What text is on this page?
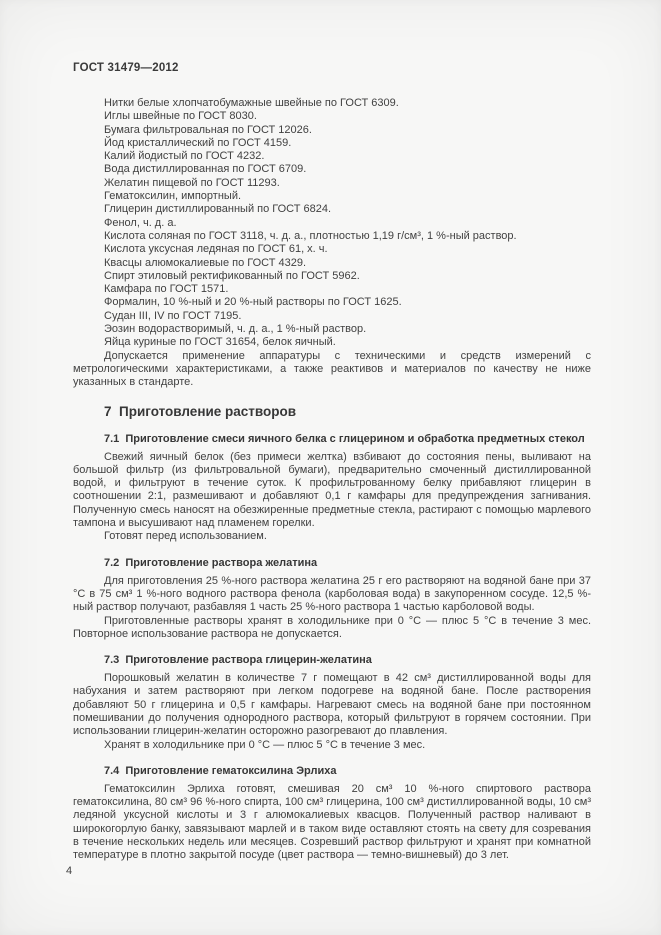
ГОСТ 31479—2012

Нитки белые хлопчатобумажные швейные по ГОСТ 6309.

Иглы швейные по ГОСТ 8030.

Бумага фильтровальная по ГОСТ 12026.

Йод кристаллический по ГОСТ 4159.

Калий йодистый по ГОСТ 4232.

Вода дистиллированная по ГОСТ 6709.

Желатин пищевой по ГОСТ 11293.

Гематоксилин, импортный.

Глицерин дистиллированный по ГОСТ 6824.

Фенол, ч. д. а.

Кислота соляная по ГОСТ 3118, ч. д. а., плотностью 1,19 г/см³, 1 %-ный раствор.

Кислота уксусная ледяная по ГОСТ 61, х. ч.

Квасцы алюмокалиевые по ГОСТ 4329.

Спирт этиловый ректификованный по ГОСТ 5962.

Камфара по ГОСТ 1571.

Формалин, 10 %-ный и 20 %-ный растворы по ГОСТ 1625.

Судан III, IV по ГОСТ 7195.

Эозин водорастворимый, ч. д. а., 1 %-ный раствор.

Яйца куриные по ГОСТ 31654, белок яичный.

Допускается применение аппаратуры с техническими и средств измерений с метрологическими характеристиками, а также реактивов и материалов по качеству не ниже указанных в стандарте.

7  Приготовление растворов
7.1  Приготовление смеси яичного белка с глицерином и обработка предметных стекол

Свежий яичный белок (без примеси желтка) взбивают до состояния пены, выливают на большой фильтр (из фильтровальной бумаги), предварительно смоченный дистиллированной водой, и фильтруют в течение суток. К профильтрованному белку прибавляют глицерин в соотношении 2:1, размешивают и добавляют 0,1 г камфары для предупреждения загнивания. Полученную смесь наносят на обезжиренные предметные стекла, растирают с помощью марлевого тампона и высушивают над пламенем горелки.

Готовят перед использованием.

7.2  Приготовление раствора желатина

Для приготовления 25 %-ного раствора желатина 25 г его растворяют на водяной бане при 37 °С в 75 см³ 1 %-ного водного раствора фенола (карболовая вода) в закупоренном сосуде. 12,5 %-ный раствор получают, разбавляя 1 часть 25 %-ного раствора 1 частью карболовой воды.

Приготовленные растворы хранят в холодильнике при 0 °С — плюс 5 °С в течение 3 мес. Повторное использование раствора не допускается.

7.3  Приготовление раствора глицерин-желатина

Порошковый желатин в количестве 7 г помещают в 42 см³ дистиллированной воды для набухания и затем растворяют при легком подогреве на водяной бане. После растворения добавляют 50 г глицерина и 0,5 г камфары. Нагревают смесь на водяной бане при постоянном помешивании до получения однородного раствора, который фильтруют в горячем состоянии. При использовании глицерин-желатин осторожно разогревают до плавления.

Хранят в холодильнике при 0 °С — плюс 5 °С в течение 3 мес.

7.4  Приготовление гематоксилина Эрлиха

Гематоксилин Эрлиха готовят, смешивая 20 см³ 10 %-ного спиртового раствора гематоксилина, 80 см³ 96 %-ного спирта, 100 см³ глицерина, 100 см³ дистиллированной воды, 10 см³ ледяной уксусной кислоты и 3 г алюмокалиевых квасцов. Полученный раствор наливают в широкогорлую банку, завязывают марлей и в таком виде оставляют стоять на свету для созревания в течение нескольких недель или месяцев. Созревший раствор фильтруют и хранят при комнатной температуре в плотно закрытой посуде (цвет раствора — темно-вишневый) до 3 лет.

4
